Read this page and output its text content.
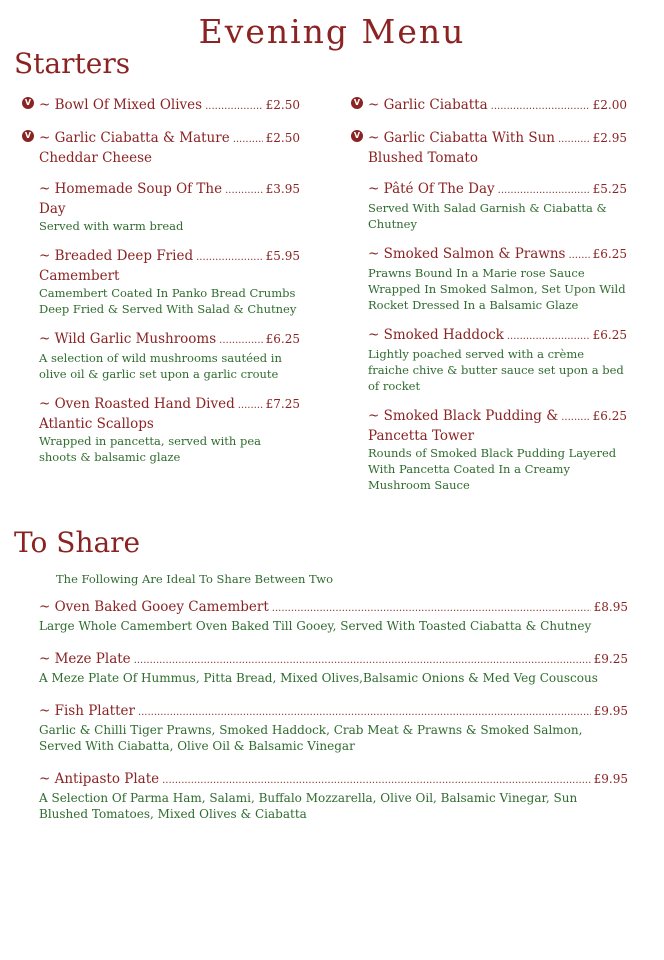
Evening Menu
Starters
V ~ Bowl Of Mixed Olives .....	£2.50
V ~ Garlic Ciabatta & Mature .....	£2.50
Cheddar Cheese
~ Homemade Soup Of The .....	£3.95
Day
Served with warm bread
~ Breaded Deep Fried .....	£5.95
Camembert
Camembert Coated In Panko Bread Crumbs Deep Fried & Served With Salad & Chutney
~ Wild Garlic Mushrooms .....	£6.25
A selection of wild mushrooms sautéed in olive oil & garlic set upon a garlic croute
~ Oven Roasted Hand Dived .....	£7.25
Atlantic Scallops
Wrapped in pancetta, served with pea shoots & balsamic glaze
V ~ Garlic Ciabatta .....	£2.00
V ~ Garlic Ciabatta With Sun .....	£2.95
Blushed Tomato
~ Pâté Of The Day .....	£5.25
Served With Salad Garnish & Ciabatta & Chutney
~ Smoked Salmon & Prawns ..... £6.25
Prawns Bound In a Marie rose Sauce Wrapped In Smoked Salmon, Set Upon Wild Rocket Dressed In a Balsamic Glaze
~ Smoked Haddock .....	£6.25
Lightly poached served with a crème fraiche chive & butter sauce set upon a bed of rocket
~ Smoked Black Pudding & .....	£6.25
Pancetta Tower
Rounds of Smoked Black Pudding Layered With Pancetta Coated In a Creamy Mushroom Sauce
To Share
The Following Are Ideal To Share Between Two
~ Oven Baked Gooey Camembert .....	£8.95
Large Whole Camembert Oven Baked Till Gooey, Served With Toasted Ciabatta & Chutney
~ Meze Plate .....	£9.25
A Meze Plate Of Hummus, Pitta Bread, Mixed Olives,Balsamic Onions & Med Veg Couscous
~ Fish Platter .....	£9.95
Garlic & Chilli Tiger Prawns, Smoked Haddock, Crab Meat & Prawns & Smoked Salmon, Served With Ciabatta, Olive Oil & Balsamic Vinegar
~ Antipasto Plate .....	£9.95
A Selection Of Parma Ham, Salami, Buffalo Mozzarella, Olive Oil, Balsamic Vinegar, Sun Blushed Tomatoes, Mixed Olives & Ciabatta
